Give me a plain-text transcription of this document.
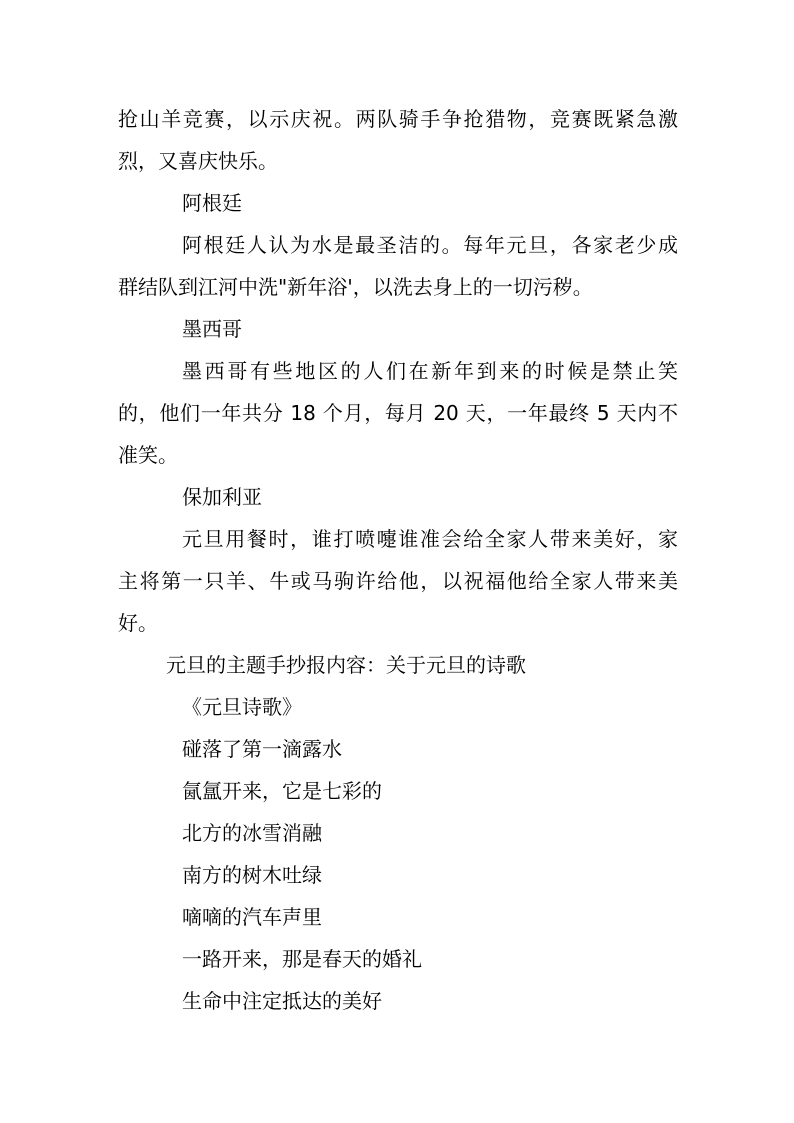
抢山羊竞赛，以示庆祝。两队骑手争抢猎物，竞赛既紧急激
烈，又喜庆快乐。
阿根廷
阿根廷人认为水是最圣洁的。每年元旦，各家老少成
群结队到江河中洗"新年浴'，以洗去身上的一切污秽。
墨西哥
墨西哥有些地区的人们在新年到来的时候是禁止笑
的，他们一年共分 18 个月，每月 20 天，一年最终 5 天内不
准笑。
保加利亚
元旦用餐时，谁打喷嚏谁准会给全家人带来美好，家
主将第一只羊、牛或马驹许给他，以祝福他给全家人带来美
好。
元旦的主题手抄报内容：关于元旦的诗歌
《元旦诗歌》
碰落了第一滴露水
氤氲开来，它是七彩的
北方的冰雪消融
南方的树木吐绿
嘀嘀的汽车声里
一路开来，那是春天的婚礼
生命中注定抵达的美好
